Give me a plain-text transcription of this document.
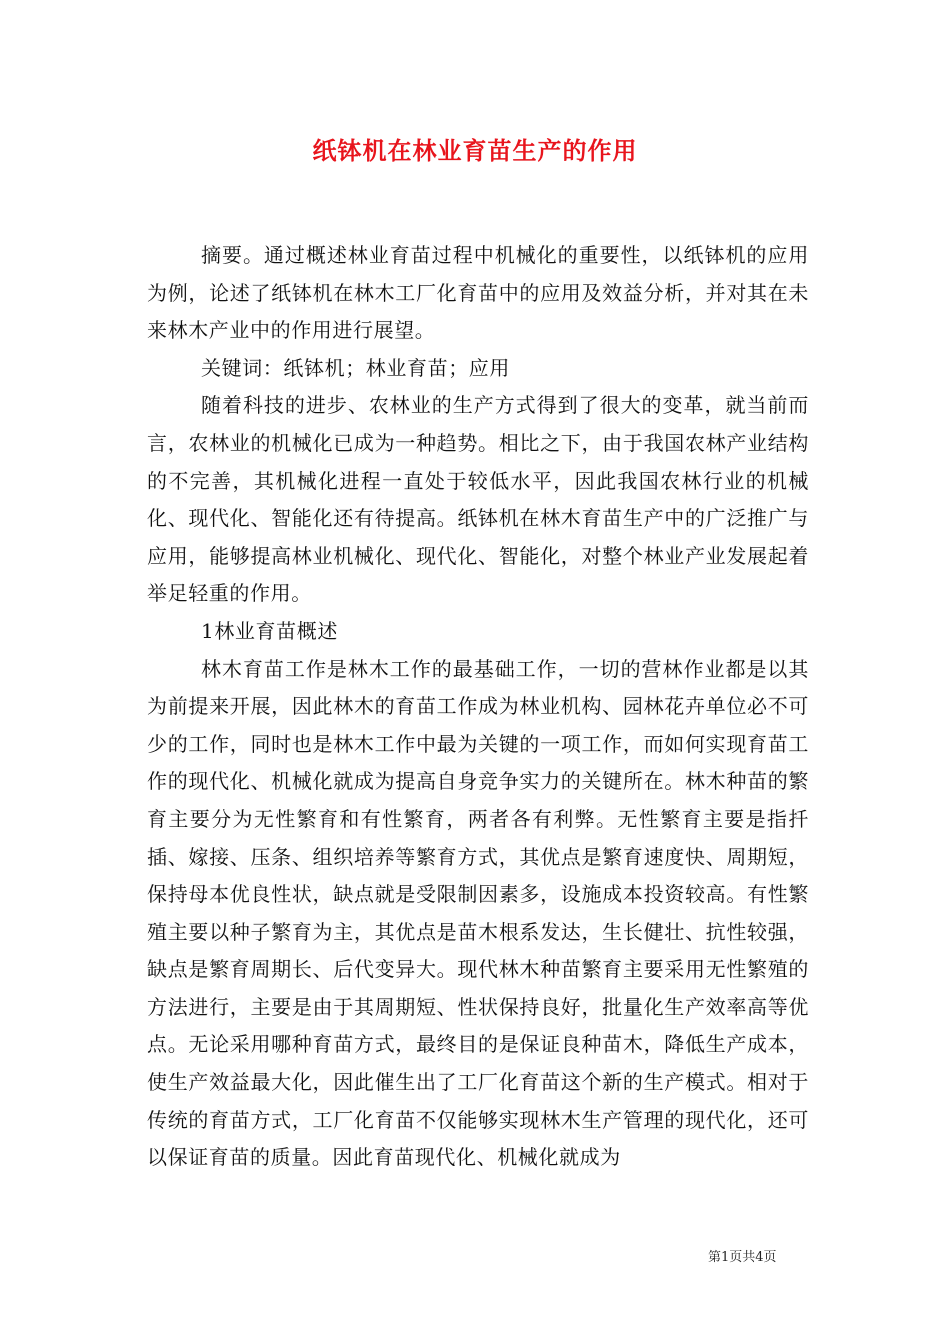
纸钵机在林业育苗生产的作用

摘要。通过概述林业育苗过程中机械化的重要性，以纸钵机的应用为例，论述了纸钵机在林木工厂化育苗中的应用及效益分析，并对其在未来林木产业中的作用进行展望。

关键词：纸钵机；林业育苗；应用

随着科技的进步、农林业的生产方式得到了很大的变革，就当前而言，农林业的机械化已成为一种趋势。相比之下，由于我国农林产业结构的不完善，其机械化进程一直处于较低水平，因此我国农林行业的机械化、现代化、智能化还有待提高。纸钵机在林木育苗生产中的广泛推广与应用，能够提高林业机械化、现代化、智能化，对整个林业产业发展起着举足轻重的作用。

1林业育苗概述

林木育苗工作是林木工作的最基础工作，一切的营林作业都是以其为前提来开展，因此林木的育苗工作成为林业机构、园林花卉单位必不可少的工作，同时也是林木工作中最为关键的一项工作，而如何实现育苗工作的现代化、机械化就成为提高自身竞争实力的关键所在。林木种苗的繁育主要分为无性繁育和有性繁育，两者各有利弊。无性繁育主要是指扦插、嫁接、压条、组织培养等繁育方式，其优点是繁育速度快、周期短，保持母本优良性状，缺点就是受限制因素多，设施成本投资较高。有性繁殖主要以种子繁育为主，其优点是苗木根系发达，生长健壮、抗性较强，缺点是繁育周期长、后代变异大。现代林木种苗繁育主要采用无性繁殖的方法进行，主要是由于其周期短、性状保持良好，批量化生产效率高等优点。无论采用哪种育苗方式，最终目的是保证良种苗木，降低生产成本，使生产效益最大化，因此催生出了工厂化育苗这个新的生产模式。相对于传统的育苗方式，工厂化育苗不仅能够实现林木生产管理的现代化，还可以保证育苗的质量。因此育苗现代化、机械化就成为

第1页共4页
